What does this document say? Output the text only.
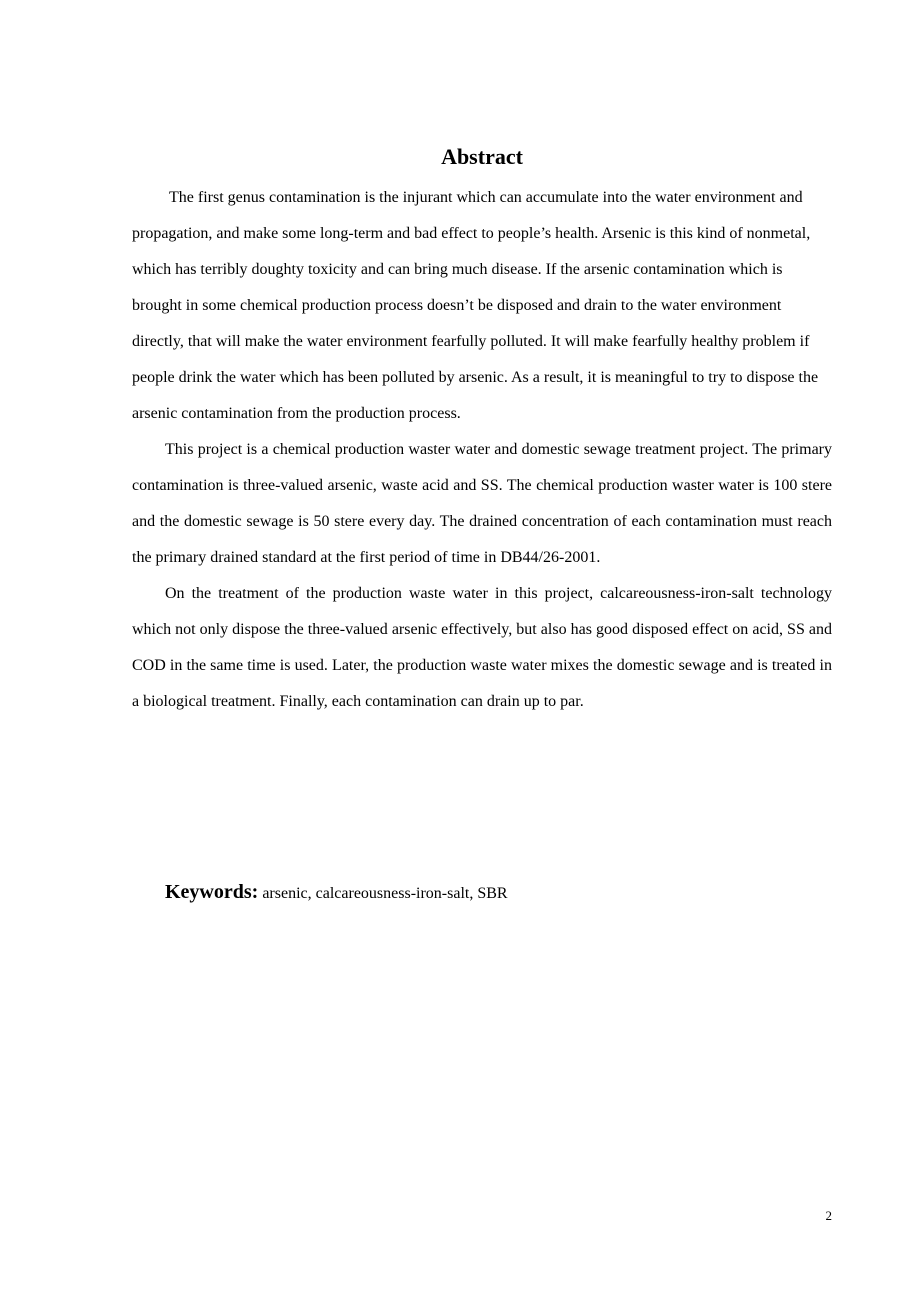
Abstract

The first genus contamination is the injurant which can accumulate into the water environment and propagation, and make some long-term and bad effect to people’s health. Arsenic is this kind of nonmetal, which has terribly doughty toxicity and can bring much disease. If the arsenic contamination which is brought in some chemical production process doesn’t be disposed and drain to the water environment directly, that will make the water environment fearfully polluted. It will make fearfully healthy problem if people drink the water which has been polluted by arsenic. As a result, it is meaningful to try to dispose the arsenic contamination from the production process.

This project is a chemical production waster water and domestic sewage treatment project. The primary contamination is three-valued arsenic, waste acid and SS. The chemical production waster water is 100 stere and the domestic sewage is 50 stere every day. The drained concentration of each contamination must reach the primary drained standard at the first period of time in DB44/26-2001.

On the treatment of the production waste water in this project, calcareousness-iron-salt technology which not only dispose the three-valued arsenic effectively, but also has good disposed effect on acid, SS and COD in the same time is used. Later, the production waste water mixes the domestic sewage and is treated in a biological treatment. Finally, each contamination can drain up to par.

Keywords: arsenic, calcareousness-iron-salt, SBR

2
